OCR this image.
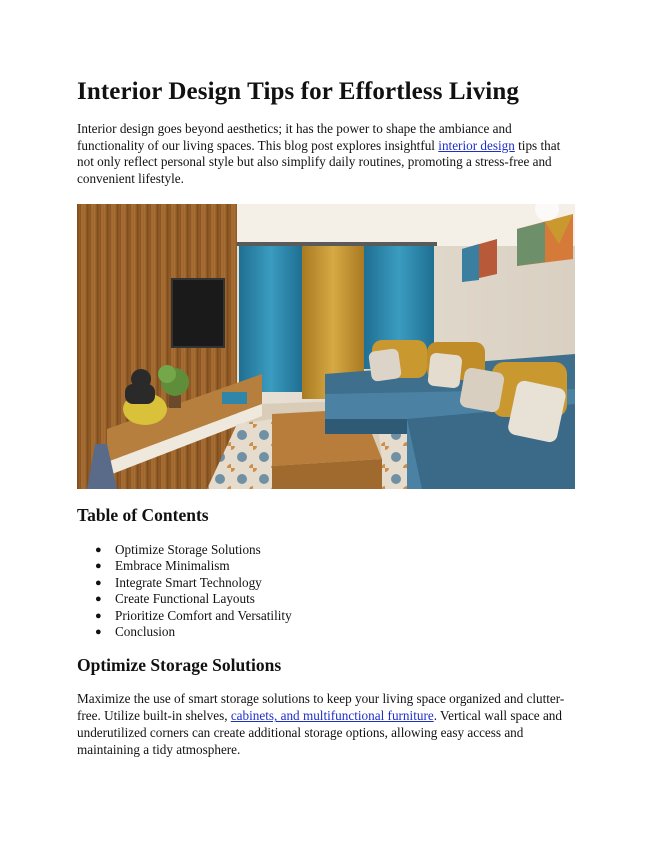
Interior Design Tips for Effortless Living

Interior design goes beyond aesthetics; it has the power to shape the ambiance and functionality of our living spaces. This blog post explores insightful interior design tips that not only reflect personal style but also simplify daily routines, promoting a stress-free and convenient lifestyle.

Table of Contents
● Optimize Storage Solutions
● Embrace Minimalism
● Integrate Smart Technology
● Create Functional Layouts
● Prioritize Comfort and Versatility
● Conclusion
Optimize Storage Solutions

Maximize the use of smart storage solutions to keep your living space organized and clutter-free. Utilize built-in shelves, cabinets, and multifunctional furniture. Vertical wall space and underutilized corners can create additional storage options, allowing easy access and maintaining a tidy atmosphere.
